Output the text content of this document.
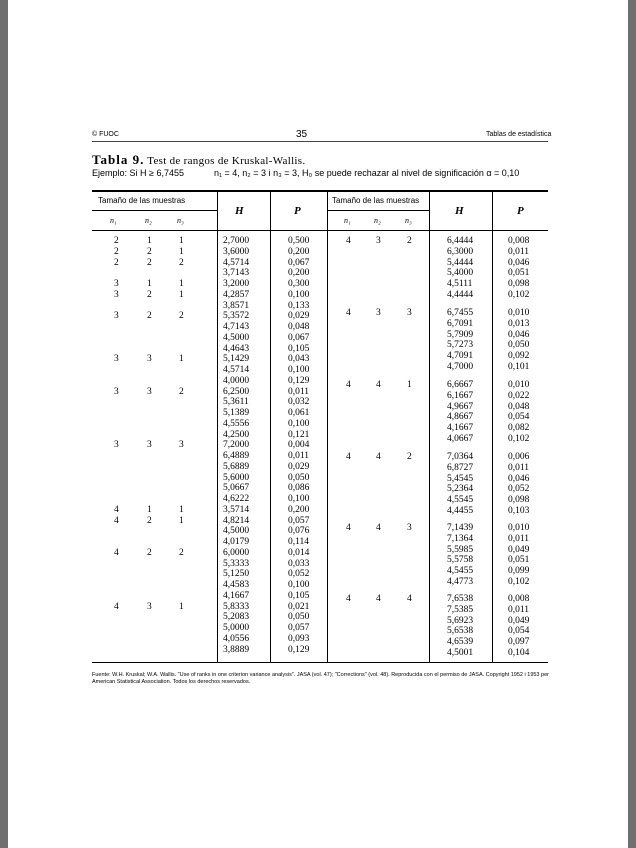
© FUOC	35	Tablas de estadística
Tabla 9. Test de rangos de Kruskal-Wallis.
Ejemplo: Si H ≥ 6,7455	n₁ = 4, n₂ = 3 i n₃ = 3, H₀ se puede rechazar al nivel de significación α = 0,10
Tamaño de las muestras	Tamaño de las muestras
n₁	n₂	n₃	n₁	n₂	n₃
H	P	H	P
2	1	1	2,7000	0,500
2	2	1	3,6000	0,200
2	2	2	4,5714	0,067
3,7143	0,200
3	1	1	3,2000	0,300
3	2	1	4,2857	0,100
3,8571	0,133
3	2	2	5,3572	0,029
4,7143	0,048
4,5000	0,067
4,4643	0,105
3	3	1	5,1429	0,043
4,5714	0,100
4,0000	0,129
3	3	2	6,2500	0,011
5,3611	0,032
5,1389	0,061
4,5556	0,100
4,2500	0,121
3	3	3	7,2000	0,004
6,4889	0,011
5,6889	0,029
5,6000	0,050
5,0667	0,086
4,6222	0,100
4	1	1	3,5714	0,200
4	2	1	4,8214	0,057
4,5000	0,076
4,0179	0,114
4	2	2	6,0000	0,014
5,3333	0,033
5,1250	0,052
4,4583	0,100
4,1667	0,105
4	3	1	5,8333	0,021
5,2083	0,050
5,0000	0,057
4,0556	0,093
3,8889	0,129
4	3	2	6,4444	0,008
6,3000	0,011
5,4444	0,046
5,4000	0,051
4,5111	0,098
4,4444	0,102
4	3	3	6,7455	0,010
6,7091	0,013
5,7909	0,046
5,7273	0,050
4,7091	0,092
4,7000	0,101
4	4	1	6,6667	0,010
6,1667	0,022
4,9667	0,048
4,8667	0,054
4,1667	0,082
4,0667	0,102
4	4	2	7,0364	0,006
6,8727	0,011
5,4545	0,046
5,2364	0,052
4,5545	0,098
4,4455	0,103
4	4	3	7,1439	0,010
7,1364	0,011
5,5985	0,049
5,5758	0,051
4,5455	0,099
4,4773	0,102
4	4	4	7,6538	0,008
7,5385	0,011
5,6923	0,049
5,6538	0,054
4,6539	0,097
4,5001	0,104
Fuente: W.H. Kruskal; W.A. Wallis. "Use of ranks in one criterion variance analysis". JASA (vol. 47); "Corrections" (vol. 48). Reproducida con el permiso de JASA. Copyright 1952 i 1953 per American Statistical Association. Todos los derechos reservados.
